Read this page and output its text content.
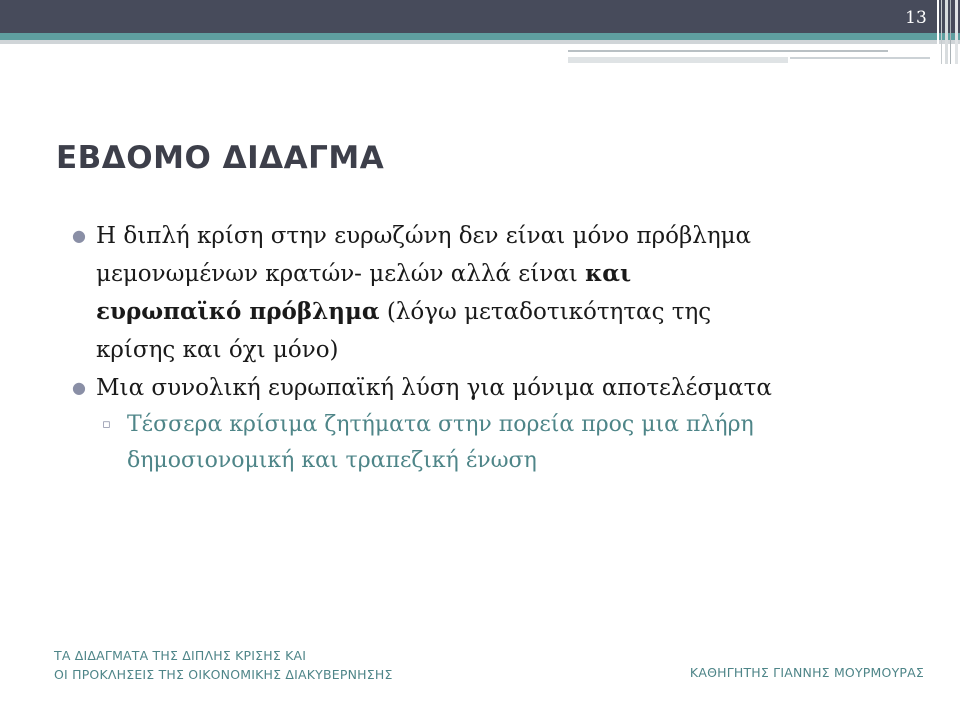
13
ΕΒΔΟΜΟ ΔΙΔΑΓΜΑ

● Η διπλή κρίση στην ευρωζώνη δεν είναι μόνο πρόβλημα
μεμονωμένων κρατών- μελών αλλά είναι και
ευρωπαϊκό πρόβλημα (λόγω μεταδοτικότητας της
κρίσης και όχι μόνο)

● Μια συνολική ευρωπαϊκή λύση για μόνιμα αποτελέσματα

▫ Τέσσερα κρίσιμα ζητήματα στην πορεία προς μια πλήρη
δημοσιονομική και τραπεζική ένωση

ΤΑ ΔΙΔΑΓΜΑΤΑ ΤΗΣ ΔΙΠΛΗΣ ΚΡΙΣΗΣ ΚΑΙ
ΟΙ ΠΡΟΚΛΗΣΕΙΣ ΤΗΣ ΟΙΚΟΝΟΜΙΚΗΣ ΔΙΑΚΥΒΕΡΝΗΣΗΣ	ΚΑΘΗΓΗΤΗΣ ΓΙΑΝΝΗΣ ΜΟΥΡΜΟΥΡΑΣ
